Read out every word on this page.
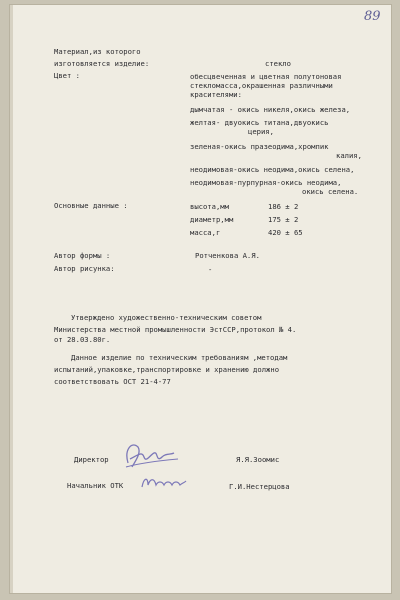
89
Материал,из которого
изготовляется изделие:	стекло
Цвет :	обесцвеченная и цветная полутоновая
стекломасса,окрашенная различными
красителями:
дымчатая - окись никеля,окись железа,
желтая- двуокись титана,двуокись
церия,
зеленая-окись празеодима,хромпик
калия,
неодимовая-окись неодима,окись селена,
неодимовая-пурпурная-окись неодима,
окись селена.
Основные данные :	высота,мм	186 ± 2
диаметр,мм	175 ± 2
масса,г	420 ± 65
Автор формы :	Ротченкова А.Я.
Автор рисунка:	-
Утверждено художественно-техническим советом
Министерства местной промышленности ЭстССР,протокол № 4.
от 28.03.80г.
Данное изделие по техническим требованиям ,методам
испытаний,упаковке,транспортировке и хранению должно
соответствовать ОСТ 21-4-77
Директор	Я.Я.Зоомис
Начальник ОТК	Г.И.Нестерцова
